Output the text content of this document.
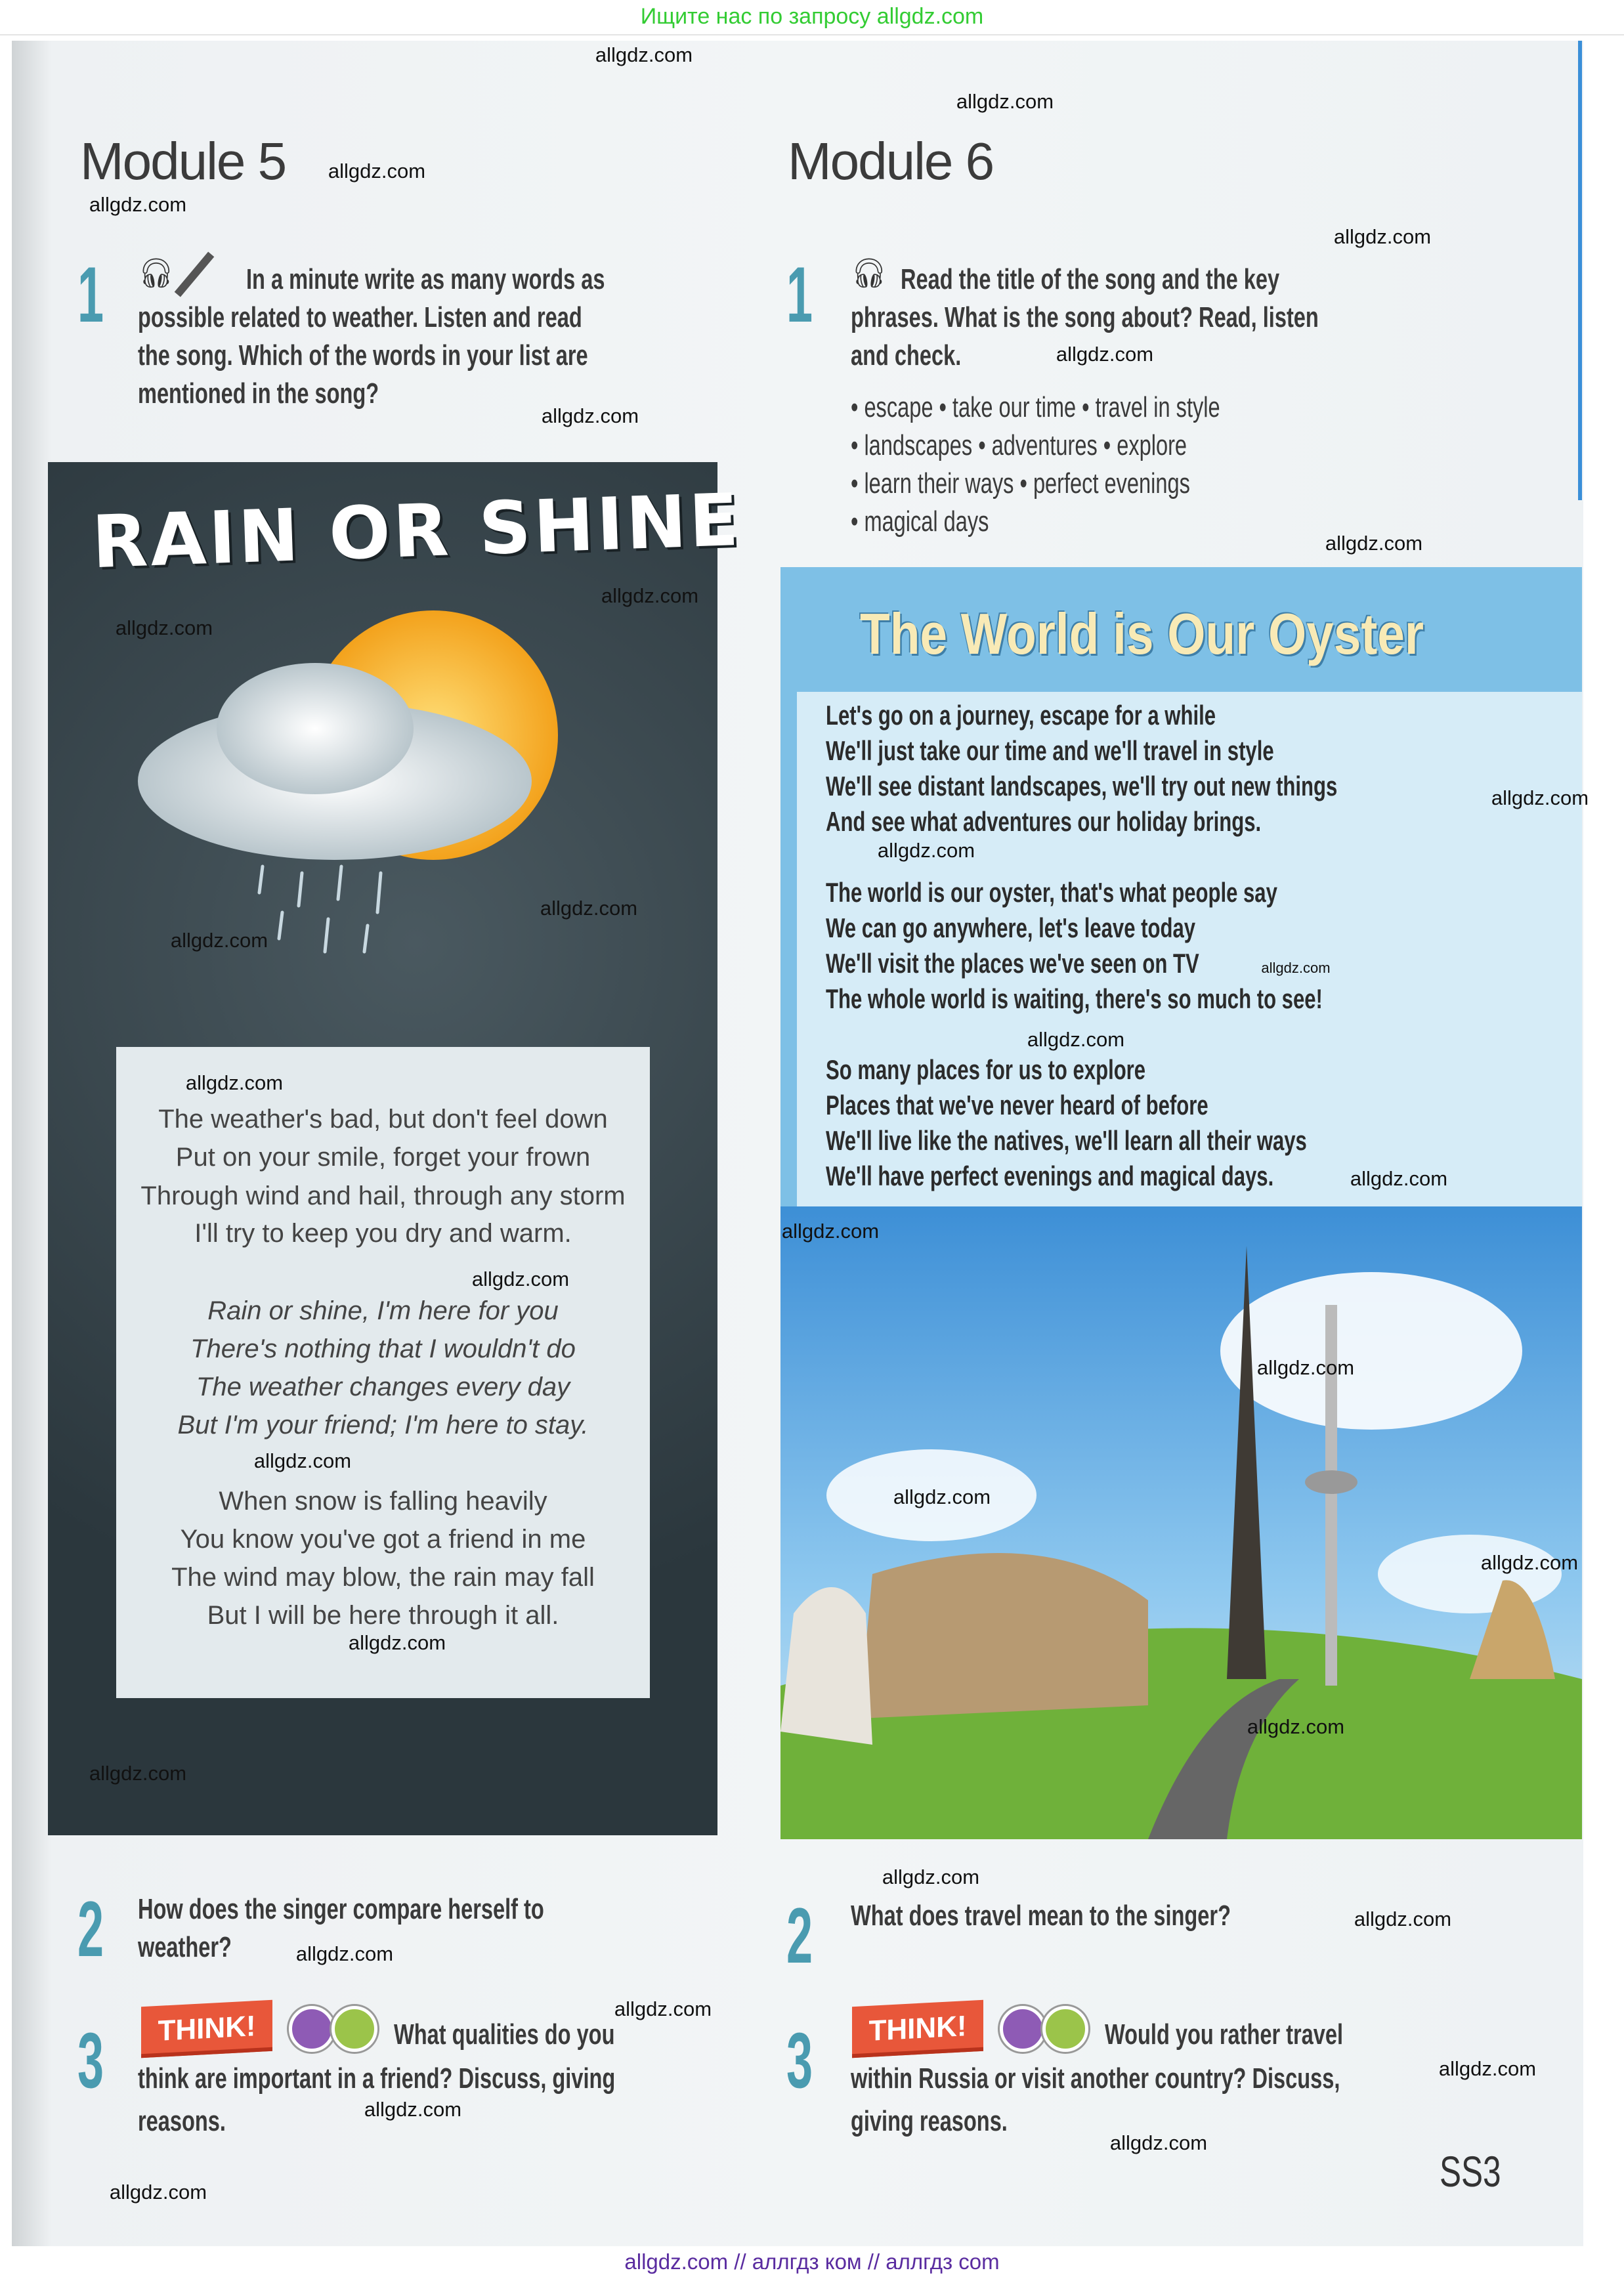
Ищите нас по запросу allgdz.com
Module 5
1 🎧︎ In a minute write as many words as
possible related to weather. Listen and read
the song. Which of the words in your list are
mentioned in the song?
RAIN OR SHINE
The weather's bad, but don't feel down
Put on your smile, forget your frown
Through wind and hail, through any storm
I'll try to keep you dry and warm.
Rain or shine, I'm here for you
There's nothing that I wouldn't do
The weather changes every day
But I'm your friend; I'm here to stay.
When snow is falling heavily
You know you've got a friend in me
The wind may blow, the rain may fall
But I will be here through it all.
2 How does the singer compare herself to
weather?
3	THINK!	What qualities do you
think are important in a friend? Discuss, giving
reasons.
Module 6
1 🎧︎ Read the title of the song and the key
phrases. What is the song about? Read, listen
and check.
• escape • take our time • travel in style
• landscapes • adventures • explore
• learn their ways • perfect evenings
• magical days
The World is Our Oyster
Let's go on a journey, escape for a while
We'll just take our time and we'll travel in style
We'll see distant landscapes, we'll try out new things
And see what adventures our holiday brings.
The world is our oyster, that's what people say
We can go anywhere, let's leave today
We'll visit the places we've seen on TV
The whole world is waiting, there's so much to see!
So many places for us to explore
Places that we've never heard of before
We'll live like the natives, we'll learn all their ways
We'll have perfect evenings and magical days.
2 What does travel mean to the singer?
3	THINK!	Would you rather travel
within Russia or visit another country? Discuss,
giving reasons.
SS3
allgdz.com
allgdz.com
allgdz.com
allgdz.com
allgdz.com
allgdz.com
allgdz.com
allgdz.com
allgdz.com
allgdz.com
allgdz.com
allgdz.com
allgdz.com
allgdz.com
allgdz.com
allgdz.com
allgdz.com
allgdz.com
allgdz.com
allgdz.com
allgdz.com
allgdz.com
allgdz.com
allgdz.com
allgdz.com
allgdz.com
allgdz.com
allgdz.com
allgdz.com
allgdz.com
allgdz.com
allgdz.com
allgdz.com
allgdz.com
allgdz.com
allgdz.com // аллгдз ком // аллгдз com
